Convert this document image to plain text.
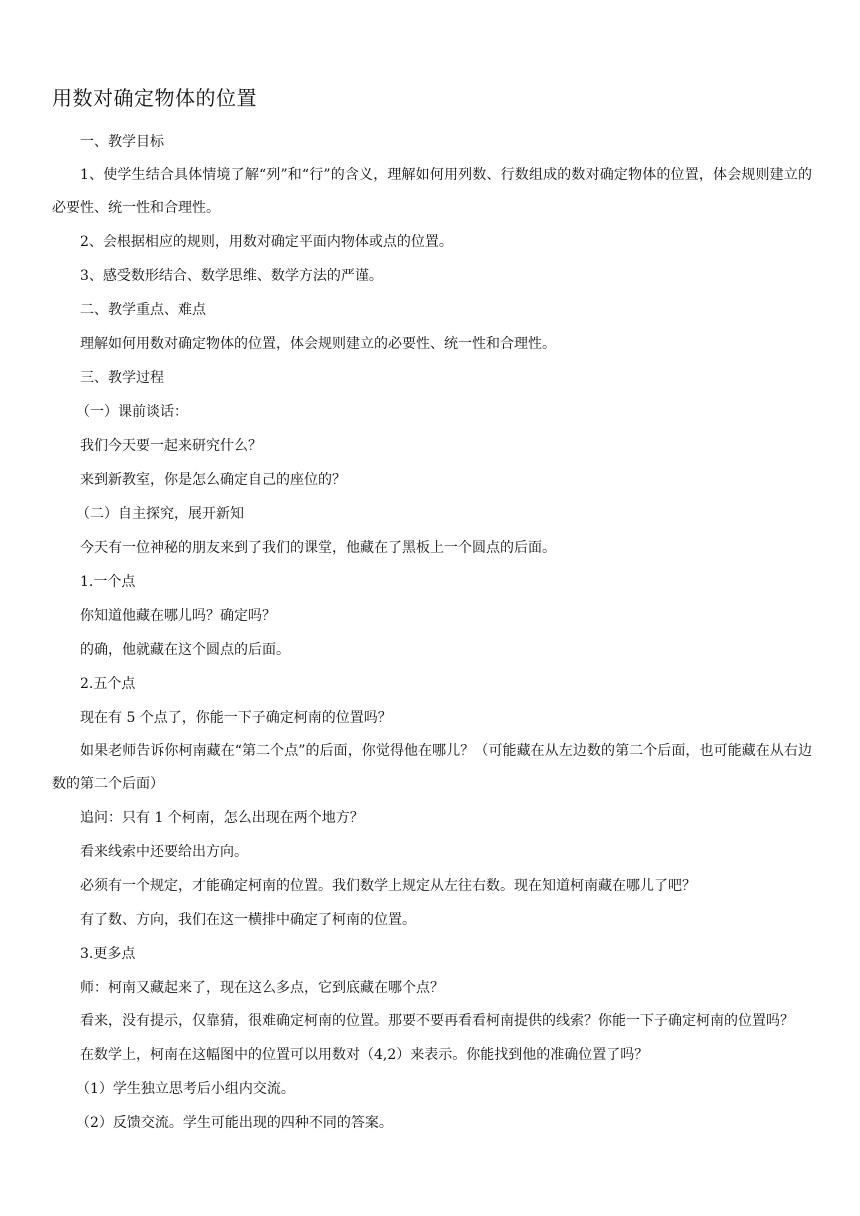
用数对确定物体的位置

一、教学目标

1、使学生结合具体情境了解“列”和“行”的含义，理解如何用列数、行数组成的数对确定物体的位置，体会规则建立的必要性、统一性和合理性。

2、会根据相应的规则，用数对确定平面内物体或点的位置。

3、感受数形结合、数学思维、数学方法的严谨。

二、教学重点、难点

理解如何用数对确定物体的位置，体会规则建立的必要性、统一性和合理性。

三、教学过程

（一）课前谈话：

我们今天要一起来研究什么？

来到新教室，你是怎么确定自己的座位的？

（二）自主探究，展开新知

今天有一位神秘的朋友来到了我们的课堂，他藏在了黑板上一个圆点的后面。

1.一个点

你知道他藏在哪儿吗？确定吗？

的确，他就藏在这个圆点的后面。

2.五个点

现在有 5 个点了，你能一下子确定柯南的位置吗？

如果老师告诉你柯南藏在“第二个点”的后面，你觉得他在哪儿？（可能藏在从左边数的第二个后面，也可能藏在从右边数的第二个后面）

追问：只有 1 个柯南，怎么出现在两个地方？

看来线索中还要给出方向。

必须有一个规定，才能确定柯南的位置。我们数学上规定从左往右数。现在知道柯南藏在哪儿了吧？

有了数、方向，我们在这一横排中确定了柯南的位置。

3.更多点

师：柯南又藏起来了，现在这么多点，它到底藏在哪个点？

看来，没有提示，仅靠猜，很难确定柯南的位置。那要不要再看看柯南提供的线索？你能一下子确定柯南的位置吗？

在数学上，柯南在这幅图中的位置可以用数对（4,2）来表示。你能找到他的准确位置了吗？

（1）学生独立思考后小组内交流。

（2）反馈交流。学生可能出现的四种不同的答案。
